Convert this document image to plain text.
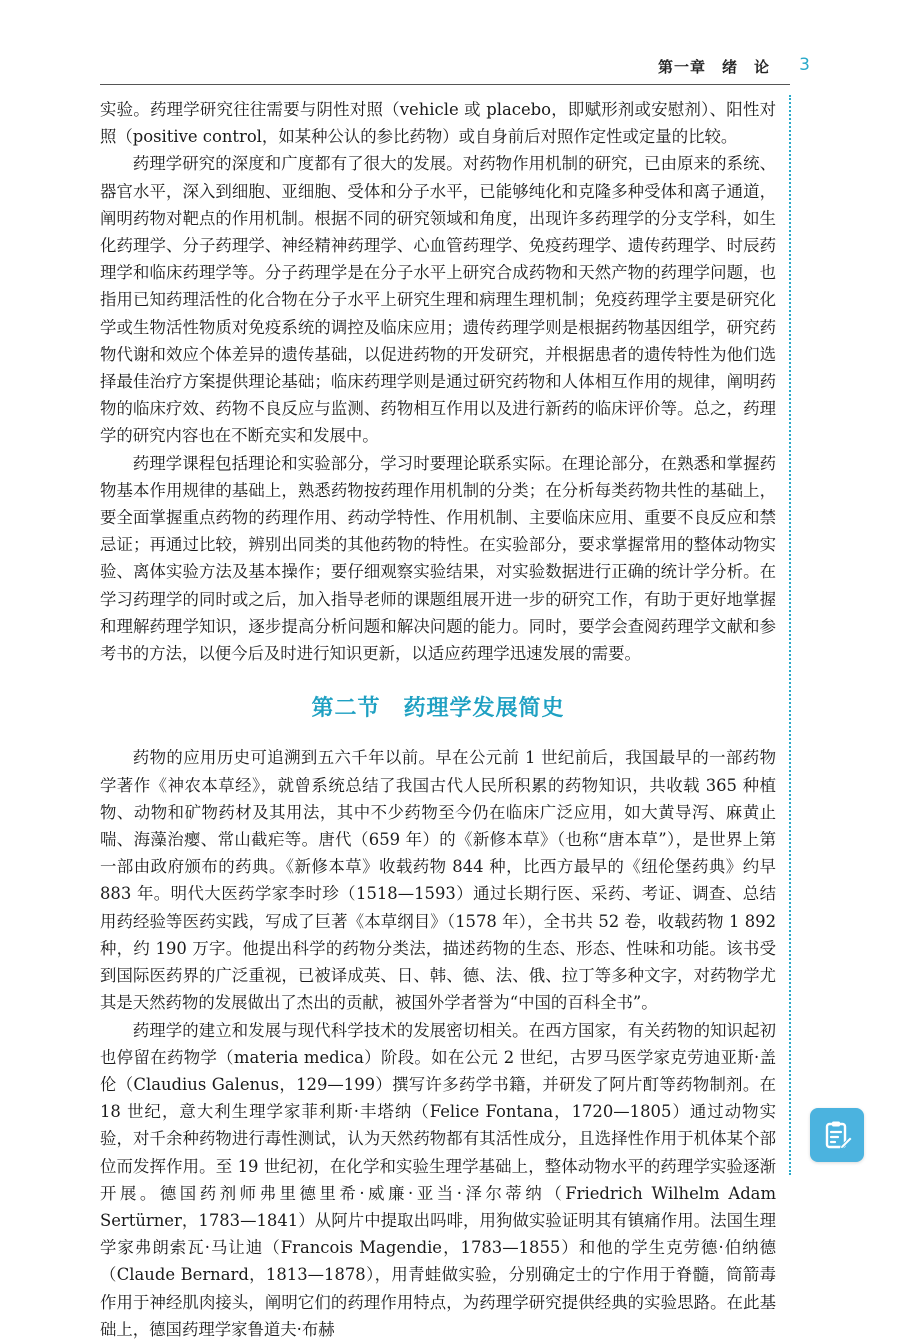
第一章　绪　论 3

实验。药理学研究往往需要与阴性对照（vehicle 或 placebo，即赋形剂或安慰剂）、阳性对照（positive control，如某种公认的参比药物）或自身前后对照作定性或定量的比较。

药理学研究的深度和广度都有了很大的发展。对药物作用机制的研究，已由原来的系统、器官水平，深入到细胞、亚细胞、受体和分子水平，已能够纯化和克隆多种受体和离子通道，阐明药物对靶点的作用机制。根据不同的研究领域和角度，出现许多药理学的分支学科，如生化药理学、分子药理学、神经精神药理学、心血管药理学、免疫药理学、遗传药理学、时辰药理学和临床药理学等。分子药理学是在分子水平上研究合成药物和天然产物的药理学问题，也指用已知药理活性的化合物在分子水平上研究生理和病理生理机制；免疫药理学主要是研究化学或生物活性物质对免疫系统的调控及临床应用；遗传药理学则是根据药物基因组学，研究药物代谢和效应个体差异的遗传基础，以促进药物的开发研究，并根据患者的遗传特性为他们选择最佳治疗方案提供理论基础；临床药理学则是通过研究药物和人体相互作用的规律，阐明药物的临床疗效、药物不良反应与监测、药物相互作用以及进行新药的临床评价等。总之，药理学的研究内容也在不断充实和发展中。

药理学课程包括理论和实验部分，学习时要理论联系实际。在理论部分，在熟悉和掌握药物基本作用规律的基础上，熟悉药物按药理作用机制的分类；在分析每类药物共性的基础上，要全面掌握重点药物的药理作用、药动学特性、作用机制、主要临床应用、重要不良反应和禁忌证；再通过比较，辨别出同类的其他药物的特性。在实验部分，要求掌握常用的整体动物实验、离体实验方法及基本操作；要仔细观察实验结果，对实验数据进行正确的统计学分析。在学习药理学的同时或之后，加入指导老师的课题组展开进一步的研究工作，有助于更好地掌握和理解药理学知识，逐步提高分析问题和解决问题的能力。同时，要学会查阅药理学文献和参考书的方法，以便今后及时进行知识更新，以适应药理学迅速发展的需要。

第二节　药理学发展简史

药物的应用历史可追溯到五六千年以前。早在公元前 1 世纪前后，我国最早的一部药物学著作《神农本草经》，就曾系统总结了我国古代人民所积累的药物知识，共收载 365 种植物、动物和矿物药材及其用法，其中不少药物至今仍在临床广泛应用，如大黄导泻、麻黄止喘、海藻治瘿、常山截疟等。唐代（659 年）的《新修本草》（也称“唐本草”），是世界上第一部由政府颁布的药典。《新修本草》收载药物 844 种，比西方最早的《纽伦堡药典》约早 883 年。明代大医药学家李时珍（1518—1593）通过长期行医、采药、考证、调查、总结用药经验等医药实践，写成了巨著《本草纲目》（1578 年），全书共 52 卷，收载药物 1 892 种，约 190 万字。他提出科学的药物分类法，描述药物的生态、形态、性味和功能。该书受到国际医药界的广泛重视，已被译成英、日、韩、德、法、俄、拉丁等多种文字，对药物学尤其是天然药物的发展做出了杰出的贡献，被国外学者誉为“中国的百科全书”。

药理学的建立和发展与现代科学技术的发展密切相关。在西方国家，有关药物的知识起初也停留在药物学（materia medica）阶段。如在公元 2 世纪，古罗马医学家克劳迪亚斯·盖伦（Claudius Galenus，129—199）撰写许多药学书籍，并研发了阿片酊等药物制剂。在 18 世纪，意大利生理学家菲利斯·丰塔纳（Felice Fontana，1720—1805）通过动物实验，对千余种药物进行毒性测试，认为天然药物都有其活性成分，且选择性作用于机体某个部位而发挥作用。至 19 世纪初，在化学和实验生理学基础上，整体动物水平的药理学实验逐渐开展。德国药剂师弗里德里希·威廉·亚当·泽尔蒂纳（Friedrich Wilhelm Adam Sertürner，1783—1841）从阿片中提取出吗啡，用狗做实验证明其有镇痛作用。法国生理学家弗朗索瓦·马让迪（Francois Magendie，1783—1855）和他的学生克劳德·伯纳德（Claude Bernard，1813—1878），用青蛙做实验，分别确定士的宁作用于脊髓，筒箭毒作用于神经肌肉接头，阐明它们的药理作用特点，为药理学研究提供经典的实验思路。在此基础上，德国药理学家鲁道夫·布赫
